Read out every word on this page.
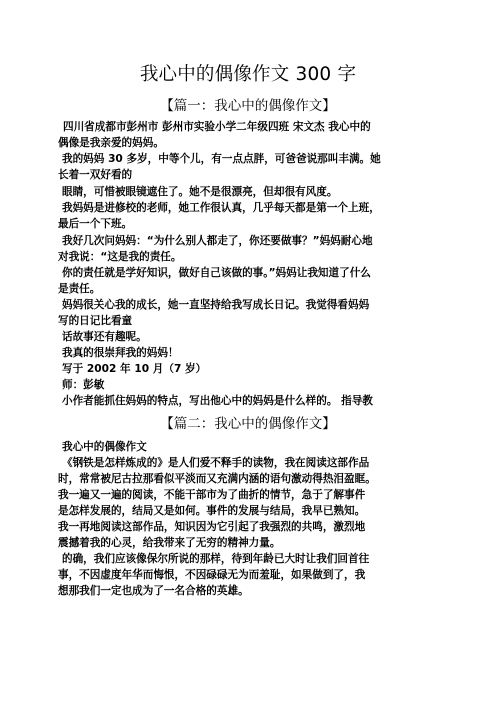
我心中的偶像作文 300 字
【篇一：我心中的偶像作文】
四川省成都市彭州市 彭州市实验小学二年级四班 宋文杰 我心中的
偶像是我亲爱的妈妈。
我的妈妈 30 多岁，中等个儿，有一点点胖，可爸爸说那叫丰满。她
长着一双好看的
眼睛，可惜被眼镜遮住了。她不是很漂亮，但却很有风度。
我妈妈是进修校的老师，她工作很认真，几乎每天都是第一个上班，
最后一个下班。
我好几次问妈妈：“为什么别人都走了，你还要做事？”妈妈耐心地
对我说：“这是我的责任。
你的责任就是学好知识，做好自己该做的事。”妈妈让我知道了什么
是责任。
妈妈很关心我的成长，她一直坚持给我写成长日记。我觉得看妈妈
写的日记比看童
话故事还有趣呢。
我真的很崇拜我的妈妈！
写于 2002 年 10 月（7 岁）
师：彭敏
小作者能抓住妈妈的特点，写出他心中的妈妈是什么样的。 指导教
【篇二：我心中的偶像作文】
我心中的偶像作文
《钢铁是怎样炼成的》是人们爱不释手的读物，我在阅读这部作品
时，常常被尼古拉那看似平淡而又充满内涵的语句激动得热泪盈眶。
我一遍又一遍的阅读，不能干部市为了曲折的情节，急于了解事件
是怎样发展的，结局又是如何。事件的发展与结局，我早已熟知。
我一再地阅读这部作品，知识因为它引起了我强烈的共鸣，激烈地
震撼着我的心灵，给我带来了无穷的精神力量。
的确，我们应该像保尔所说的那样，待到年龄已大时让我们回首往
事，不因虚度年华而悔恨，不因碌碌无为而羞耻，如果做到了，我
想那我们一定也成为了一名合格的英雄。
